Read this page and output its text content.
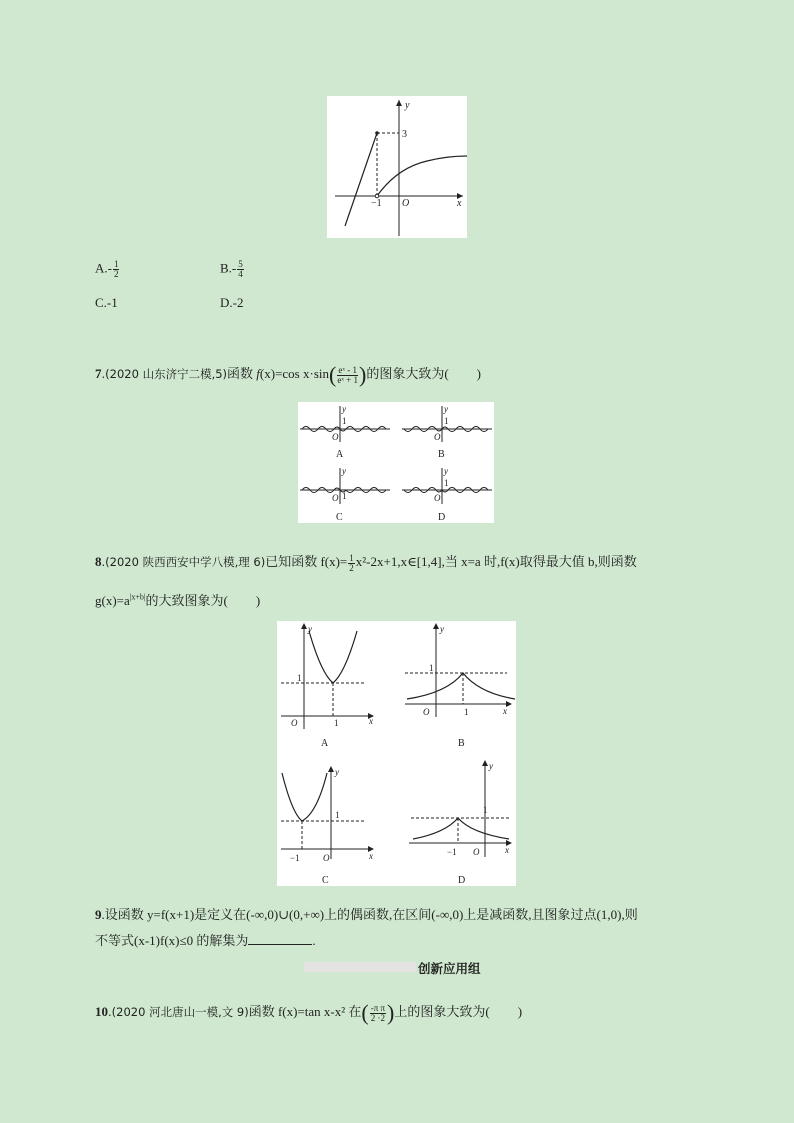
y
x
3
−1 O
$A.- \frac{1}{2}$	$B.- \frac{5}{4}$
C.-1	D.-2
7.(2020 山东济宁二模,5)函数 f(x)=cos $x\cdot\sin( \frac{\text{eˣ - 1}}{\text{eˣ + 1}}$ )的图象大致为( )
y
1
O
A
y
1
O
B
y
1
O
C
y
1
O
D
8.(2020 陕西西安中学八模,理 6)已知函数 $f(x)= \frac{1}{2}$ x²-2x+1,x∈[1,4],当 x=a 时,f(x)取得最大值 b,则函数
$g(x)=a^{|x+b|}$的大致图象为( )
y
x
1
1
O
A
y
x
1
1
O
B
y
x
1
−1	O
C
y
x
1
−1 O
D
9.设函数 y=f(x+1)是定义在(-∞,0)∪(0,+∞)上的偶函数,在区间(-∞,0)上是减函数,且图象过点(1,0),则
不等式(x-1)f(x)≤0 的解集为	.
创新应用组
10.(2020 河北唐山一模,文 9)函数 f(x)=tan x-x² 在( $\frac{\text{-π π}}{2 \cdot 2}$ )上的图象大致为( )
